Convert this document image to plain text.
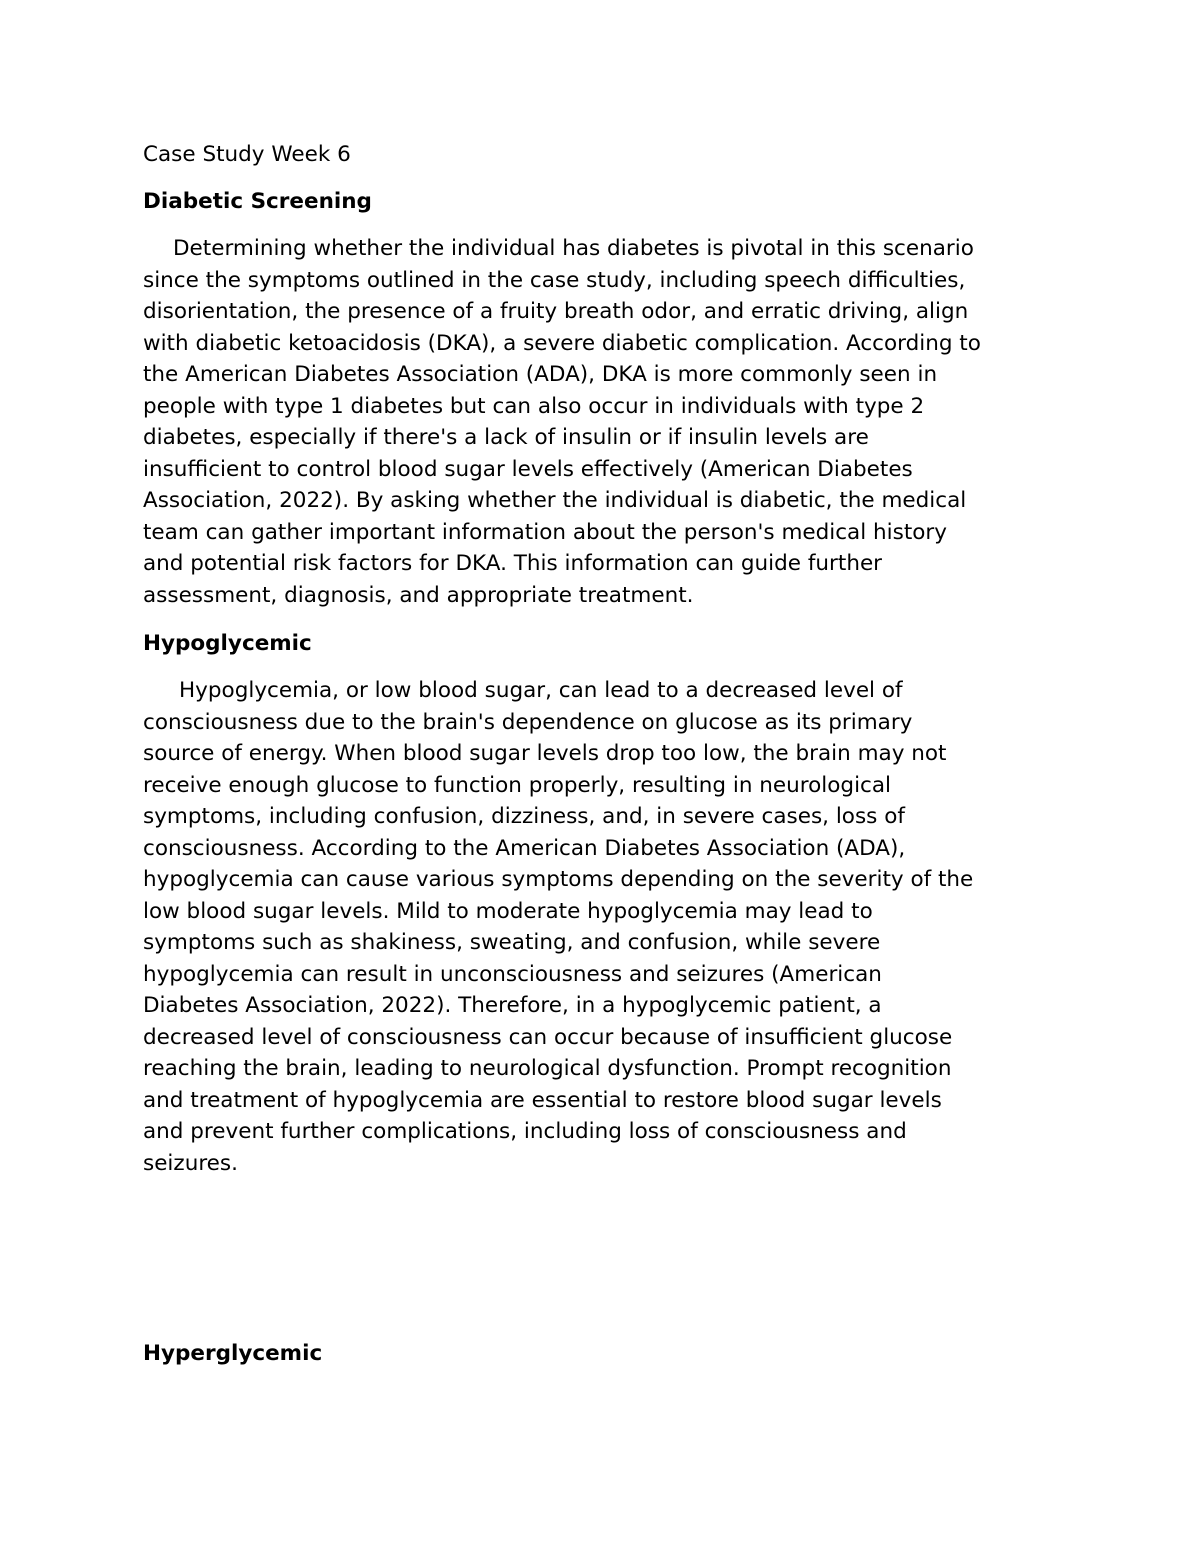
Case Study Week 6

Diabetic Screening

Determining whether the individual has diabetes is pivotal in this scenario
since the symptoms outlined in the case study, including speech difficulties,
disorientation, the presence of a fruity breath odor, and erratic driving, align
with diabetic ketoacidosis (DKA), a severe diabetic complication. According to
the American Diabetes Association (ADA), DKA is more commonly seen in
people with type 1 diabetes but can also occur in individuals with type 2
diabetes, especially if there's a lack of insulin or if insulin levels are
insufficient to control blood sugar levels effectively (American Diabetes
Association, 2022). By asking whether the individual is diabetic, the medical
team can gather important information about the person's medical history
and potential risk factors for DKA. This information can guide further
assessment, diagnosis, and appropriate treatment.

Hypoglycemic

Hypoglycemia, or low blood sugar, can lead to a decreased level of
consciousness due to the brain's dependence on glucose as its primary
source of energy. When blood sugar levels drop too low, the brain may not
receive enough glucose to function properly, resulting in neurological
symptoms, including confusion, dizziness, and, in severe cases, loss of
consciousness. According to the American Diabetes Association (ADA),
hypoglycemia can cause various symptoms depending on the severity of the
low blood sugar levels. Mild to moderate hypoglycemia may lead to
symptoms such as shakiness, sweating, and confusion, while severe
hypoglycemia can result in unconsciousness and seizures (American
Diabetes Association, 2022). Therefore, in a hypoglycemic patient, a
decreased level of consciousness can occur because of insufficient glucose
reaching the brain, leading to neurological dysfunction. Prompt recognition
and treatment of hypoglycemia are essential to restore blood sugar levels
and prevent further complications, including loss of consciousness and
seizures.

Hyperglycemic
